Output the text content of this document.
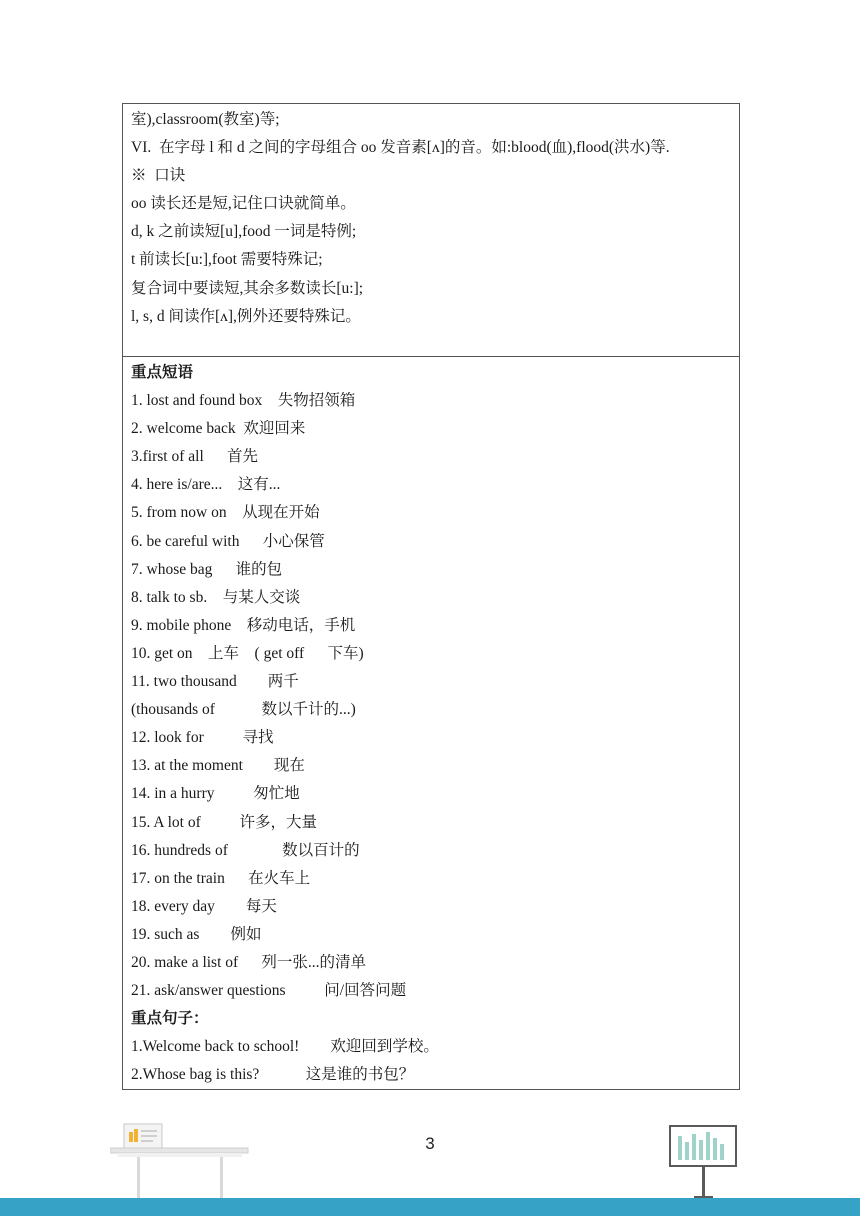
室),classroom(教室)等;
VI.  在字母 l 和 d 之间的字母组合 oo 发音素[ʌ]的音。如:blood(血),flood(洪水)等.
※  口诀
oo 读长还是短,记住口诀就简单。
d, k 之前读短[u],food 一词是特例;
t 前读长[u:],foot 需要特殊记;
复合词中要读短,其余多数读长[u:];
l, s, d 间读作[ʌ],例外还要特殊记。
重点短语
1. lost and found box    失物招领箱
2. welcome back  欢迎回来
3.first of all      首先
4. here is/are...    这有...
5. from now on    从现在开始
6. be careful with      小心保管
7. whose bag      谁的包
8. talk to sb.    与某人交谈
9. mobile phone    移动电话，手机
10. get on    上车    ( get off      下车)
11. two thousand        两千
(thousands of            数以千计的...)
12. look for          寻找
13. at the moment        现在
14. in a hurry          匆忙地
15. A lot of          许多，大量
16. hundreds of              数以百计的
17. on the train      在火车上
18. every day        每天
19. such as        例如
20. make a list of      列一张...的清单
21. ask/answer questions          问/回答问题
重点句子：
1.Welcome back to school!        欢迎回到学校。
2.Whose bag is this?            这是谁的书包？
3
